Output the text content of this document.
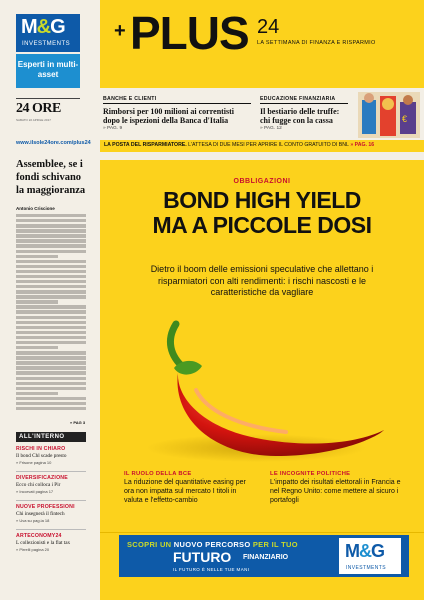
M&G
INVESTMENTS
Esperti in multi-asset
24 ORE
SABATO 22 APRILE 2017
www.ilsole24ore.com/plus24
Assemblee, se i fondi schivano la maggioranza
Antonio Criscione
» PAG 3
ALL'INTERNO
RISCHI IN CHIARO
Il bond Chl scade presto
» Frisone pagina 10
DIVERSIFICAZIONE
Ecco chi colloca i Pir
» Incorvati pagina 17
NUOVE PROFESSIONI
Chi insegnerà il fintech
» Uva su pag.ia 18
ARTECONOMY24
L collezionisti e la flat tax
» Pirrelli pagina 20
+ PLUS 24
LA SETTIMANA DI FINANZA E RISPARMIO
BANCHE E CLIENTI
Rimborsi per 100 milioni ai correntisti dopo le ispezioni della Banca d'Italia
» PAG. 9
EDUCAZIONE FINANZIARIA
Il bestiario delle truffe: chi fugge con la cassa
» PAG. 12
€
LA POSTA DEL RISPARMIATORE. L'ATTESA DI DUE MESI PER APRIRE IL CONTO GRATUITO DI BNL » PAG. 16
OBBLIGAZIONI
BOND HIGH YIELD
MA A PICCOLE DOSI
Dietro il boom delle emissioni speculative che allettano i risparmiatori con alti rendimenti: i rischi nascosti e le caratteristiche da vagliare
IL RUOLO DELLA BCE
La riduzione del quantitative easing per ora non impatta sul mercato I titoli in valuta e l'effetto-cambio
LE INCOGNITE POLITICHE
L'impatto dei risultati elettorali in Francia e nel Regno Unito: come mettere al sicuro i portafogli
SCOPRI UN NUOVO PERCORSO PER IL TUO
FUTURO FINANZIARIO
IL FUTURO È NELLE TUE MANI
M&G
INVESTMENTS
